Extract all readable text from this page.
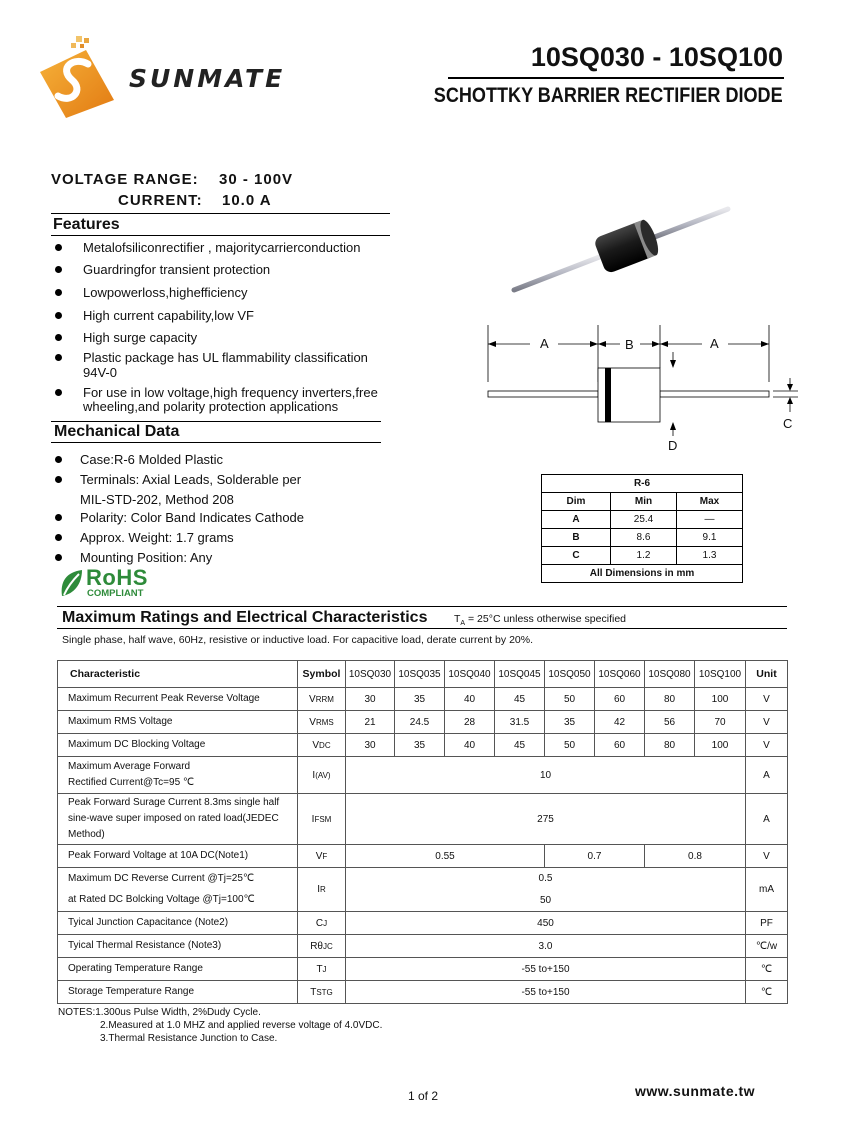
SUNMATE
10SQ030 - 10SQ100
SCHOTTKY BARRIER RECTIFIER DIODE
VOLTAGE RANGE: 30 - 100V
CURRENT: 10.0 A
Features
Metalofsiliconrectifier , majoritycarrierconduction
Guardringfor transient protection
Lowpowerloss,highefficiency
High current capability,low VF
High surge capacity
Plastic package has UL flammability classification
94V-0
For use in low voltage,high frequency inverters,free
wheeling,and polarity protection applications
Mechanical Data
Case:R-6 Molded Plastic
Terminals: Axial Leads, Solderable per
MIL-STD-202, Method 208
Polarity: Color Band Indicates Cathode
Approx. Weight: 1.7 grams
Mounting Position: Any
RoHS
COMPLIANT
A	B	A
C
D
R-6		
Dim	Min	Max
A	25.4	—
B	8.6	9.1
C	1.2	1.3
All Dimensions in mm		
Maximum Ratings and Electrical Characteristics	$T_A = 25^\circ C$ unless otherwise specified
Single phase, half wave, 60Hz, resistive or inductive load. For capacitive load, derate current by 20%.
Characteristic	Symbol	10SQ030	10SQ035	10SQ040	10SQ045	10SQ050	10SQ060	10SQ080	10SQ100	Unit
Maximum Recurrent Peak Reverse Voltage	VRRM	30	35	40	45	50	60	80	100	V
Maximum RMS Voltage	VRMS	21	24.5	28	31.5	35	42	56	70	V
Maximum DC Blocking Voltage	VDC	30	35	40	45	50	60	80	100	V

Maximum Average Forward
Rectified Current@Tc=95 ℃	I(AV)	10								A

Peak Forward Surage Current 8.3ms single half
sine-wave super imposed on rated load(JEDEC
Method)	IFSM	275								A
Peak Forward Voltage at 10A DC(Note1)	VF	0.55				0.7		0.8		V
Maximum DC Reverse Current @Tj=25℃	IR	0.5								mA
at Rated DC Bolcking Voltage @Tj=100℃		50								
Tyical Junction Capacitance (Note2)	CJ	450								PF
Tyical Thermal Resistance (Note3)	RθJC	3.0								℃/w
Operating Temperature Range	TJ	-55 to+150								℃
Storage Temperature Range	TSTG	-55 to+150								℃
NOTES:1.300us Pulse Width, 2%Dudy Cycle.
2.Measured at 1.0 MHZ and applied reverse voltage of 4.0VDC.
3.Thermal Resistance Junction to Case.
1 of 2	www.sunmate.tw
